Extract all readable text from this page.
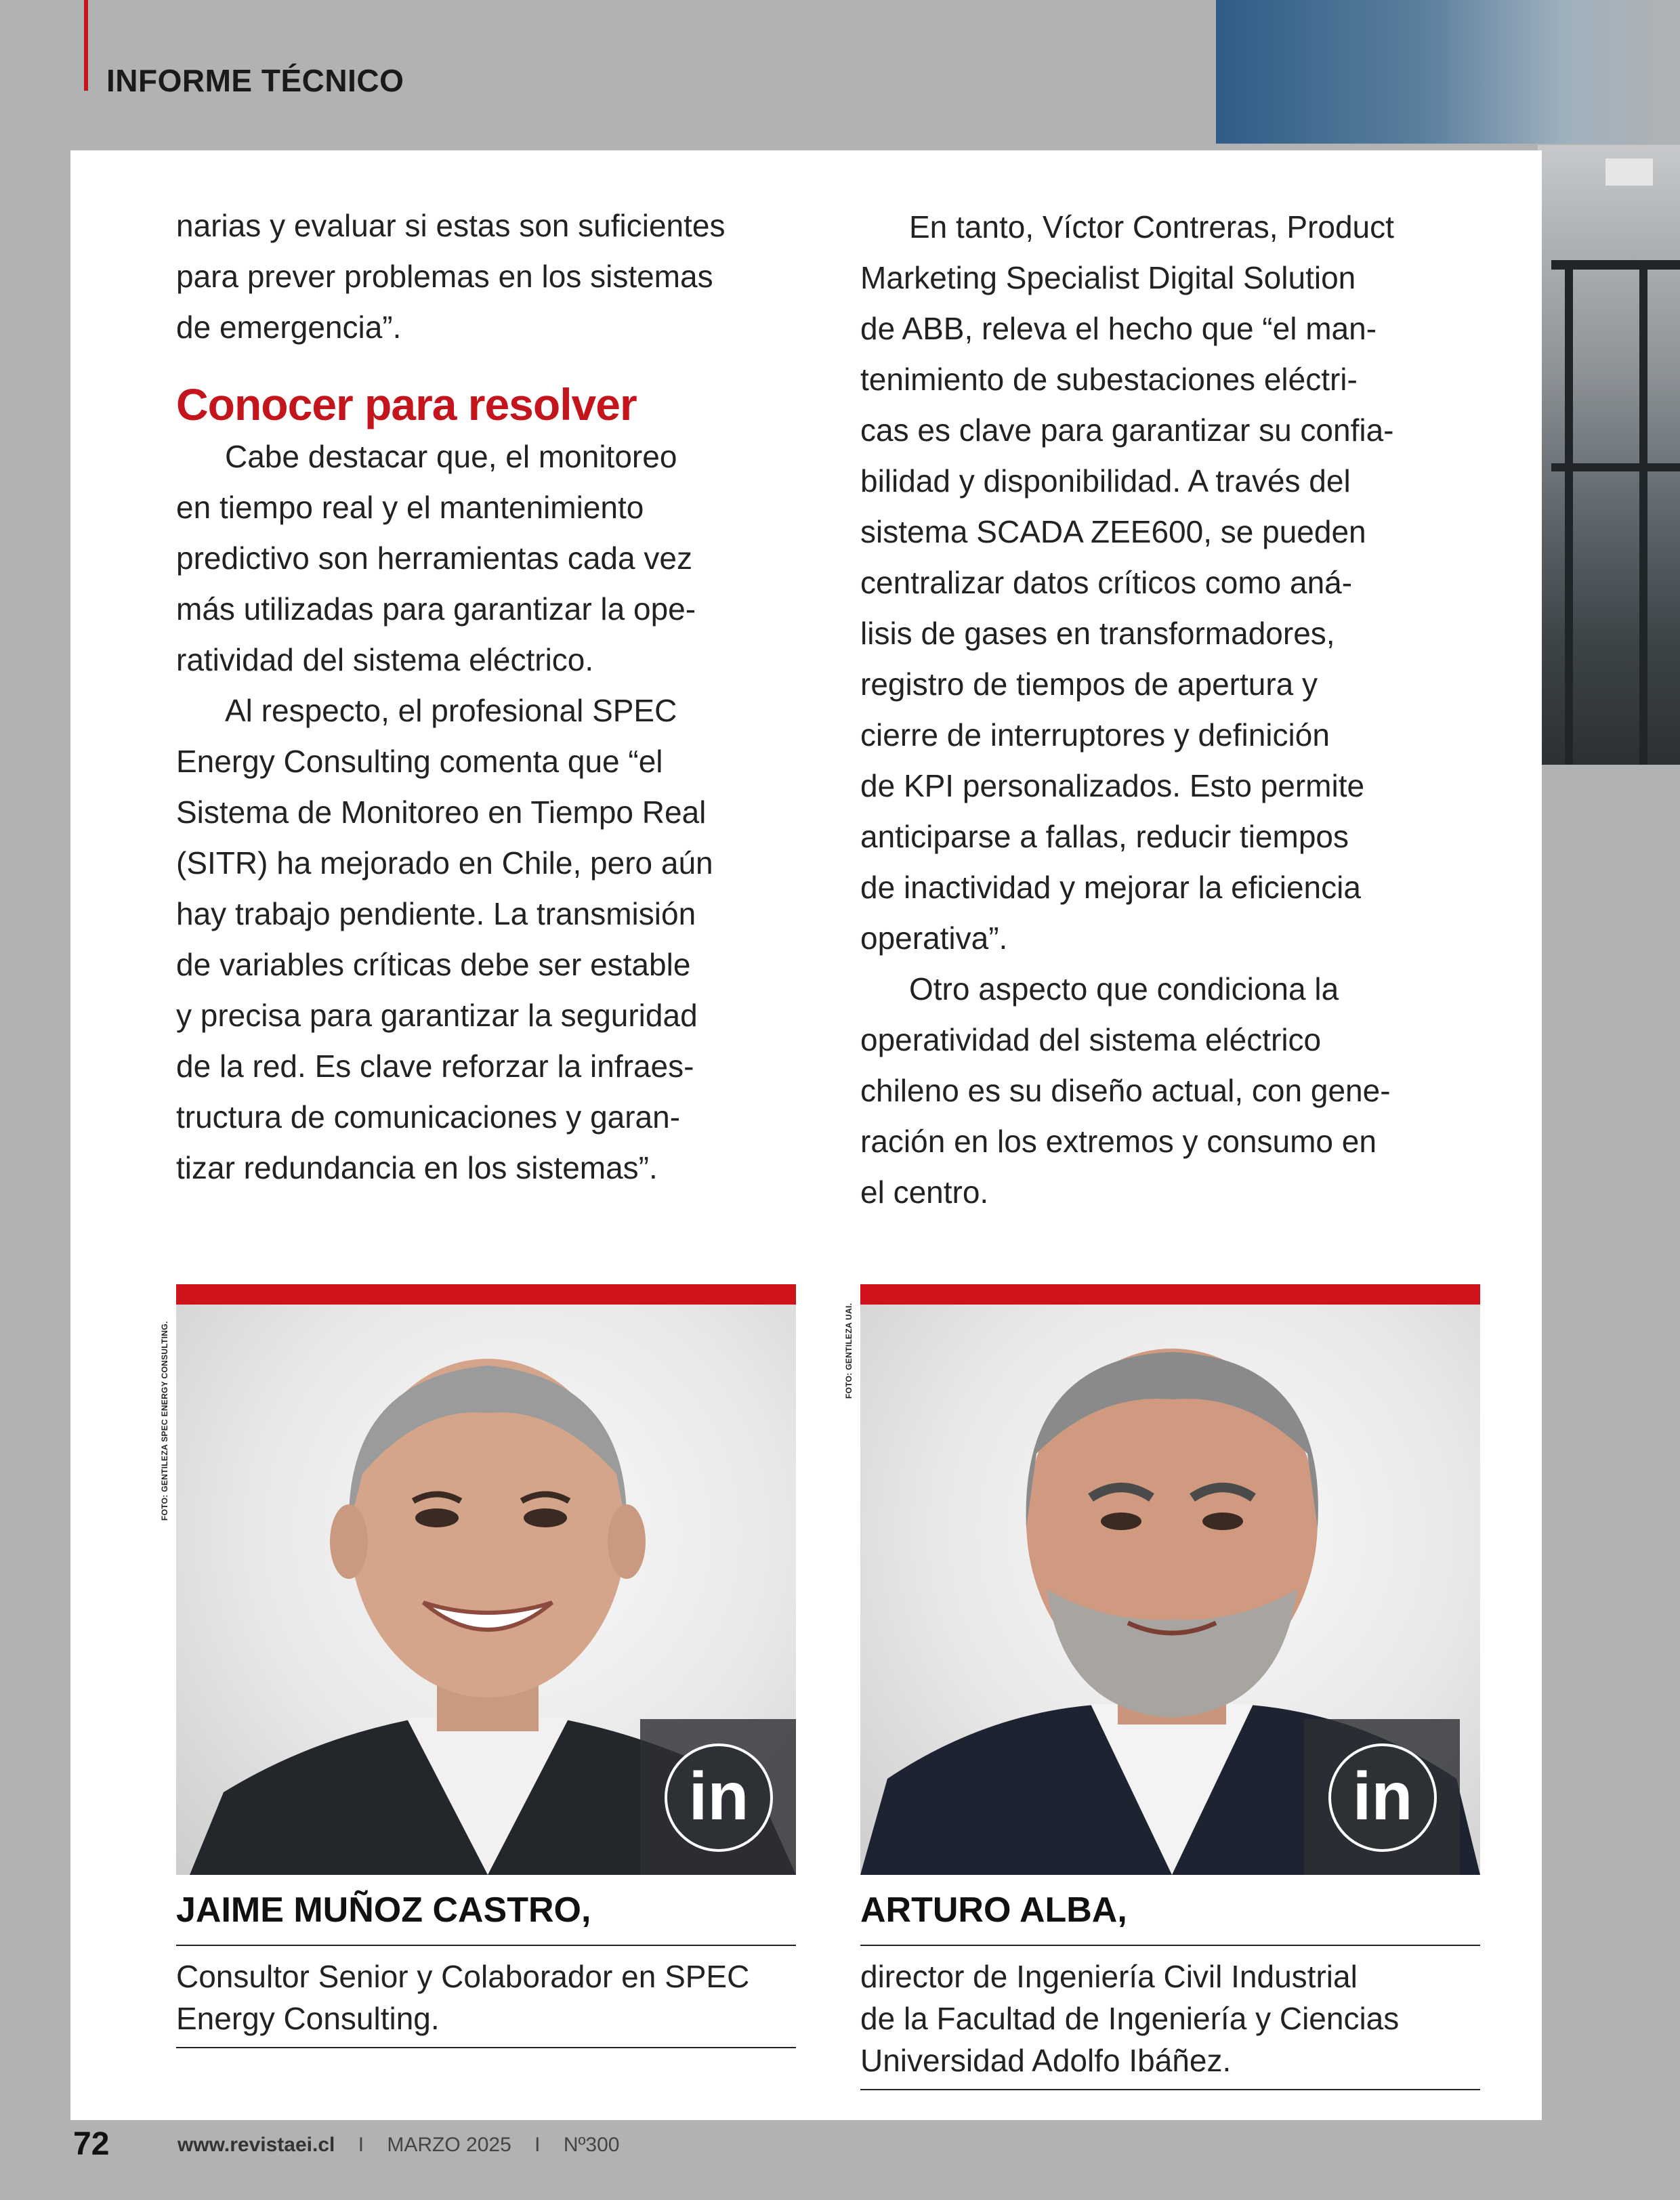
INFORME TÉCNICO

narias y evaluar si estas son suficientes
para prever problemas en los sistemas
de emergencia”.

Conocer para resolver

Cabe destacar que, el monitoreo
en tiempo real y el mantenimiento
predictivo son herramientas cada vez
más utilizadas para garantizar la ope-
ratividad del sistema eléctrico.

Al respecto, el profesional SPEC
Energy Consulting comenta que “el
Sistema de Monitoreo en Tiempo Real
(SITR) ha mejorado en Chile, pero aún
hay trabajo pendiente. La transmisión
de variables críticas debe ser estable
y precisa para garantizar la seguridad
de la red. Es clave reforzar la infraes-
tructura de comunicaciones y garan-
tizar redundancia en los sistemas”.

En tanto, Víctor Contreras, Product
Marketing Specialist Digital Solution
de ABB, releva el hecho que “el man-
tenimiento de subestaciones eléctri-
cas es clave para garantizar su confia-
bilidad y disponibilidad. A través del
sistema SCADA ZEE600, se pueden
centralizar datos críticos como aná-
lisis de gases en transformadores,
registro de tiempos de apertura y
cierre de interruptores y definición
de KPI personalizados. Esto permite
anticiparse a fallas, reducir tiempos
de inactividad y mejorar la eficiencia
operativa”.

Otro aspecto que condiciona la
operatividad del sistema eléctrico
chileno es su diseño actual, con gene-
ración en los extremos y consumo en
el centro.

FOTO: GENTILEZA SPEC ENERGY CONSULTING.
in
JAIME MUÑOZ CASTRO,
Consultor Senior y Colaborador en SPEC
Energy Consulting.
FOTO: GENTILEZA UAI.
in
ARTURO ALBA,
director de Ingeniería Civil Industrial
de la Facultad de Ingeniería y Ciencias
Universidad Adolfo Ibáñez.
72	www.revistaei.cl I MARZO 2025 I Nº300
